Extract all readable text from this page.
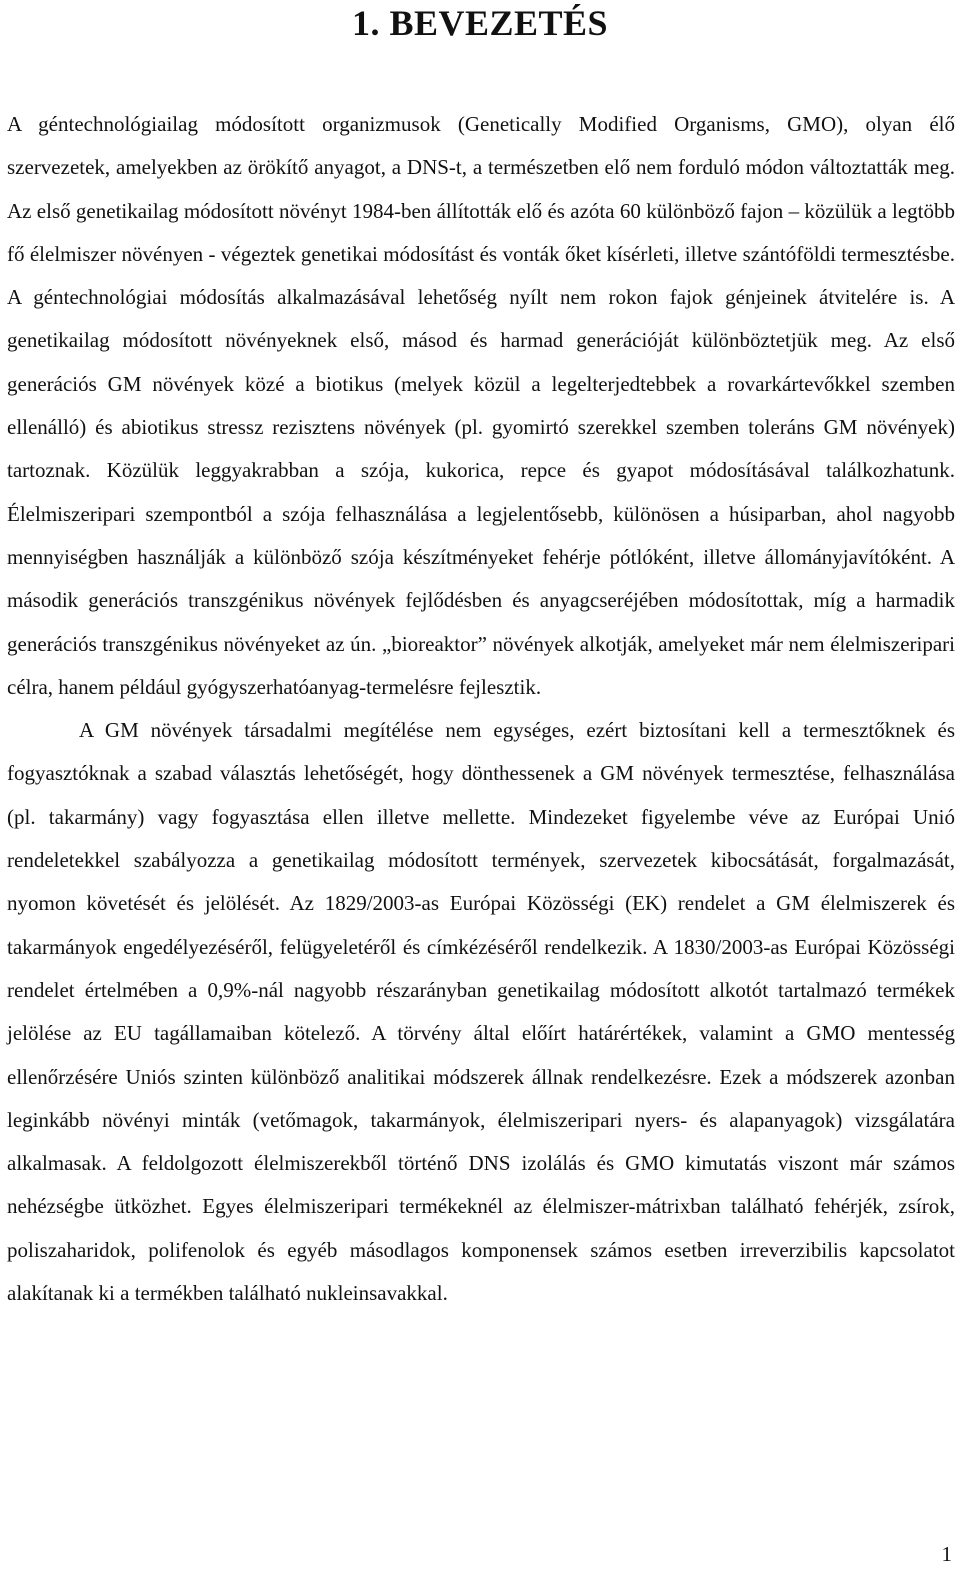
1. BEVEZETÉS

A géntechnológiailag módosított organizmusok (Genetically Modified Organisms, GMO), olyan élő szervezetek, amelyekben az örökítő anyagot, a DNS-t, a természetben elő nem forduló módon változtatták meg. Az első genetikailag módosított növényt 1984-ben állították elő és azóta 60 különböző fajon – közülük a legtöbb fő élelmiszer növényen - végeztek genetikai módosítást és vonták őket kísérleti, illetve szántóföldi termesztésbe. A géntechnológiai módosítás alkalmazásával lehetőség nyílt nem rokon fajok génjeinek átvitelére is. A genetikailag módosított növényeknek első, másod és harmad generációját különböztetjük meg. Az első generációs GM növények közé a biotikus (melyek közül a legelterjedtebbek a rovarkártevőkkel szemben ellenálló) és abiotikus stressz rezisztens növények (pl. gyomirtó szerekkel szemben toleráns GM növények) tartoznak. Közülük leggyakrabban a szója, kukorica, repce és gyapot módosításával találkozhatunk. Élelmiszeripari szempontból a szója felhasználása a legjelentősebb, különösen a húsiparban, ahol nagyobb mennyiségben használják a különböző szója készítményeket fehérje pótlóként, illetve állományjavítóként. A második generációs transzgénikus növények fejlődésben és anyagcseréjében módosítottak, míg a harmadik generációs transzgénikus növényeket az ún. „bioreaktor” növények alkotják, amelyeket már nem élelmiszeripari célra, hanem például gyógyszerhatóanyag-termelésre fejlesztik.

A GM növények társadalmi megítélése nem egységes, ezért biztosítani kell a termesztőknek és fogyasztóknak a szabad választás lehetőségét, hogy dönthessenek a GM növények termesztése, felhasználása (pl. takarmány) vagy fogyasztása ellen illetve mellette. Mindezeket figyelembe véve az Európai Unió rendeletekkel szabályozza a genetikailag módosított termények, szervezetek kibocsátását, forgalmazását, nyomon követését és jelölését. Az 1829/2003-as Európai Közösségi (EK) rendelet a GM élelmiszerek és takarmányok engedélyezéséről, felügyeletéről és címkézéséről rendelkezik. A 1830/2003-as Európai Közösségi rendelet értelmében a 0,9%-nál nagyobb részarányban genetikailag módosított alkotót tartalmazó termékek jelölése az EU tagállamaiban kötelező. A törvény által előírt határértékek, valamint a GMO mentesség ellenőrzésére Uniós szinten különböző analitikai módszerek állnak rendelkezésre. Ezek a módszerek azonban leginkább növényi minták (vetőmagok, takarmányok, élelmiszeripari nyers- és alapanyagok) vizsgálatára alkalmasak. A feldolgozott élelmiszerekből történő DNS izolálás és GMO kimutatás viszont már számos nehézségbe ütközhet. Egyes élelmiszeripari termékeknél az élelmiszer-mátrixban található fehérjék, zsírok, poliszaharidok, polifenolok és egyéb másodlagos komponensek számos esetben irreverzibilis kapcsolatot alakítanak ki a termékben található nukleinsavakkal.

1
